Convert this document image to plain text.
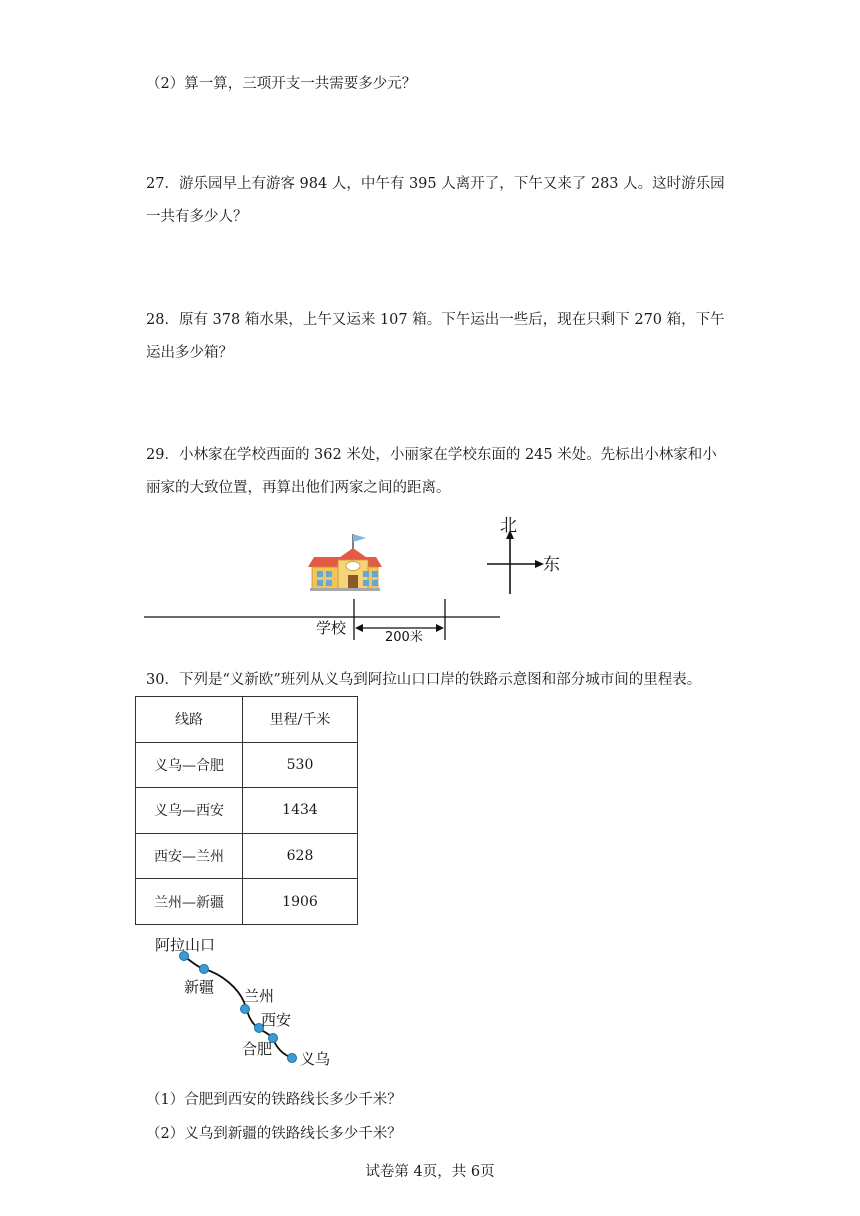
（2）算一算，三项开支一共需要多少元？
27．游乐园早上有游客 984 人，中午有 395 人离开了，下午又来了 283 人。这时游乐园
一共有多少人？
28．原有 378 箱水果，上午又运来 107 箱。下午运出一些后，现在只剩下 270 箱，下午
运出多少箱？
29．小林家在学校西面的 362 米处，小丽家在学校东面的 245 米处。先标出小林家和小
丽家的大致位置，再算出他们两家之间的距离。
北
东
学校
200米
30．下列是“义新欧”班列从义乌到阿拉山口口岸的铁路示意图和部分城市间的里程表。
线路	里程/千米
义乌—合肥	530
义乌—西安	1434
西安—兰州	628
兰州—新疆	1906
阿拉山口
新疆 兰州
西安
合肥
义乌
（1）合肥到西安的铁路线长多少千米？
（2）义乌到新疆的铁路线长多少千米？
试卷第 4页，共 6页
